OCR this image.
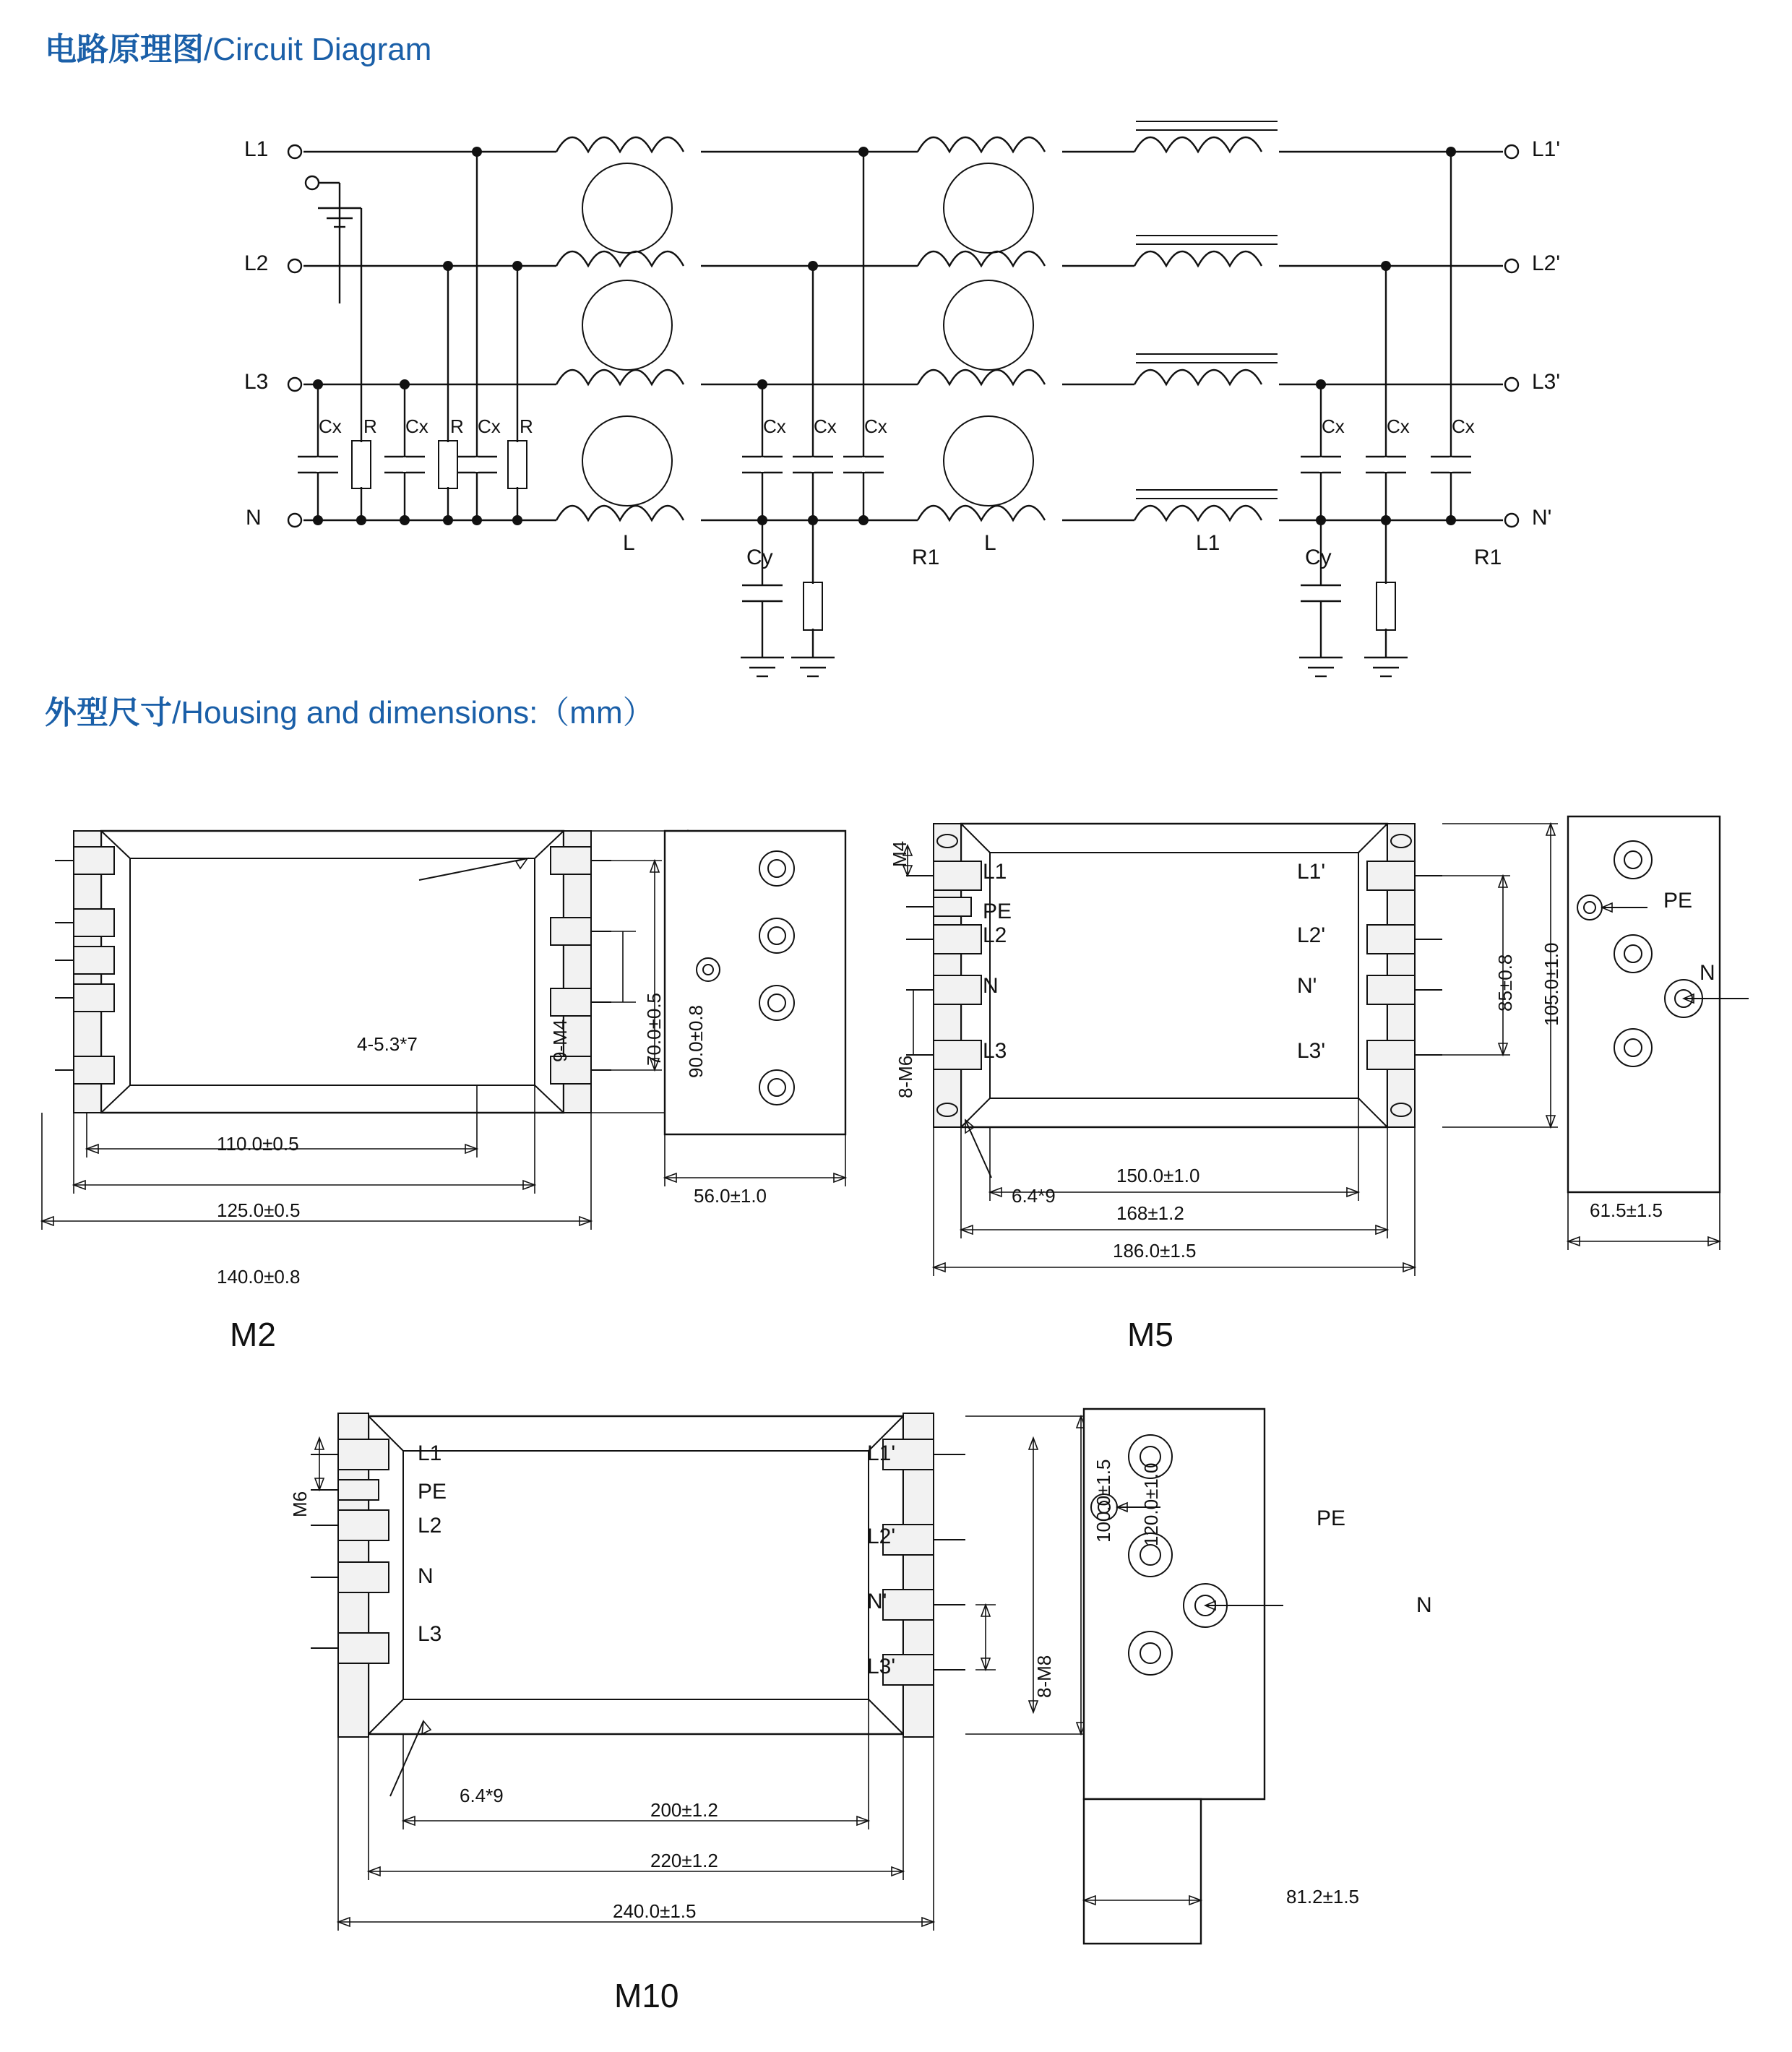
电路原理图/Circuit Diagram
L1
L2
L3
N
L1'
L2'
L3'
N'
Cx R Cx R Cx R	Cx Cx Cx	Cx Cx Cx
L	L	L1
Cy	R1	Cy	R1
外型尺寸/Housing and dimensions:（mm）
4-5.3*7	9-M4	70.0±0.5 90.0±0.8
110.0±0.5
125.0±0.5
140.0±0.8
56.0±1.0
M2
M4
8-M6
6.4*9
L1
PE
L2
N
L3
L1'
L2'
N'
L3'
85±0.8 105.0±1.0
150.0±1.0
168±1.2
186.0±1.5
61.5±1.5
N
PE
M5
M6
6.4*9
8-M8
L1
PE
L2
N
L3
L1'
L2'
N'
L3'
100.0±1.5 120.0±1.0
200±1.2
220±1.2
240.0±1.5
81.2±1.5
PE
N
M10
